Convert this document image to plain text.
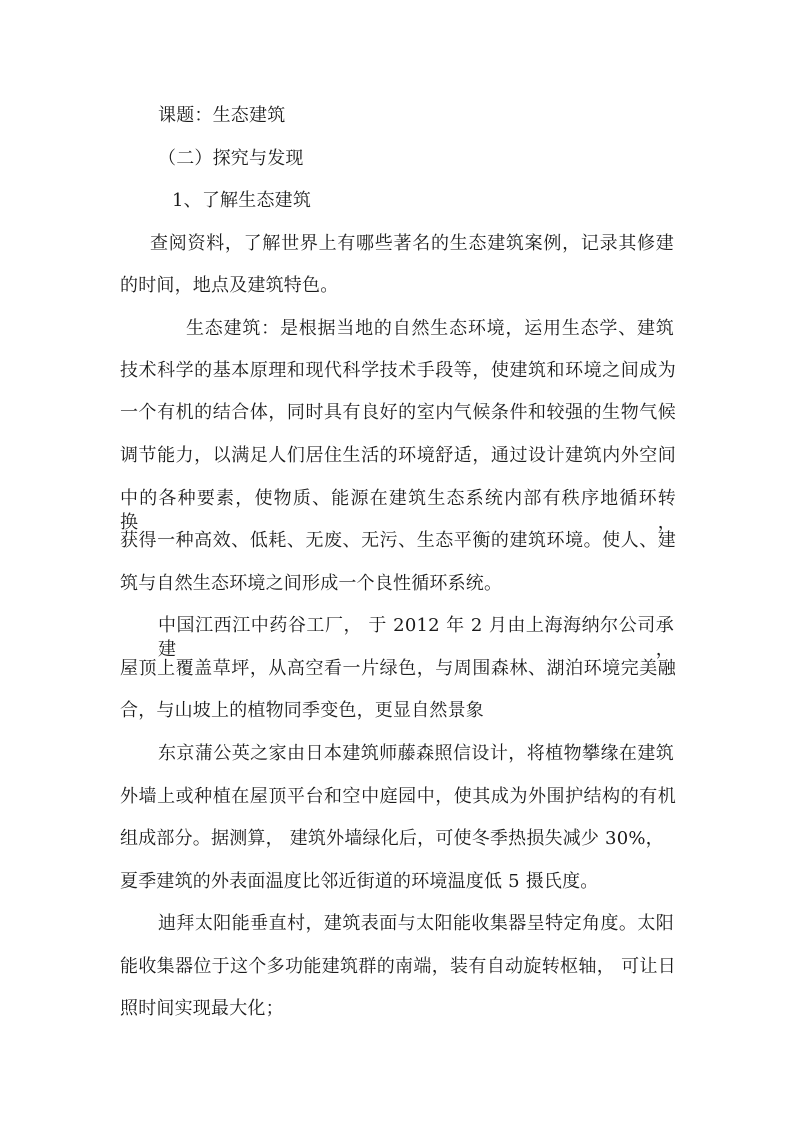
课题：生态建筑

（二）探究与发现

1、了解生态建筑

查阅资料，了解世界上有哪些著名的生态建筑案例，记录其修建

的时间，地点及建筑特色。

生态建筑：是根据当地的自然生态环境，运用生态学、建筑

技术科学的基本原理和现代科学技术手段等，使建筑和环境之间成为

一个有机的结合体，同时具有良好的室内气候条件和较强的生物气候

调节能力，以满足人们居住生活的环境舒适，通过设计建筑内外空间

中的各种要素，使物质、能源在建筑生态系统内部有秩序地循环转换，

获得一种高效、低耗、无废、无污、生态平衡的建筑环境。使人、建

筑与自然生态环境之间形成一个良性循环系统。

中国江西江中药谷工厂， 于 2012 年 2 月由上海海纳尔公司承建，

屋顶上覆盖草坪，从高空看一片绿色，与周围森林、湖泊环境完美融

合，与山坡上的植物同季变色，更显自然景象

东京蒲公英之家由日本建筑师藤森照信设计，将植物攀缘在建筑

外墙上或种植在屋顶平台和空中庭园中，使其成为外围护结构的有机

组成部分。据测算， 建筑外墙绿化后，可使冬季热损失减少 30%，

夏季建筑的外表面温度比邻近街道的环境温度低 5 摄氏度。

迪拜太阳能垂直村，建筑表面与太阳能收集器呈特定角度。太阳

能收集器位于这个多功能建筑群的南端，装有自动旋转枢轴， 可让日

照时间实现最大化；
